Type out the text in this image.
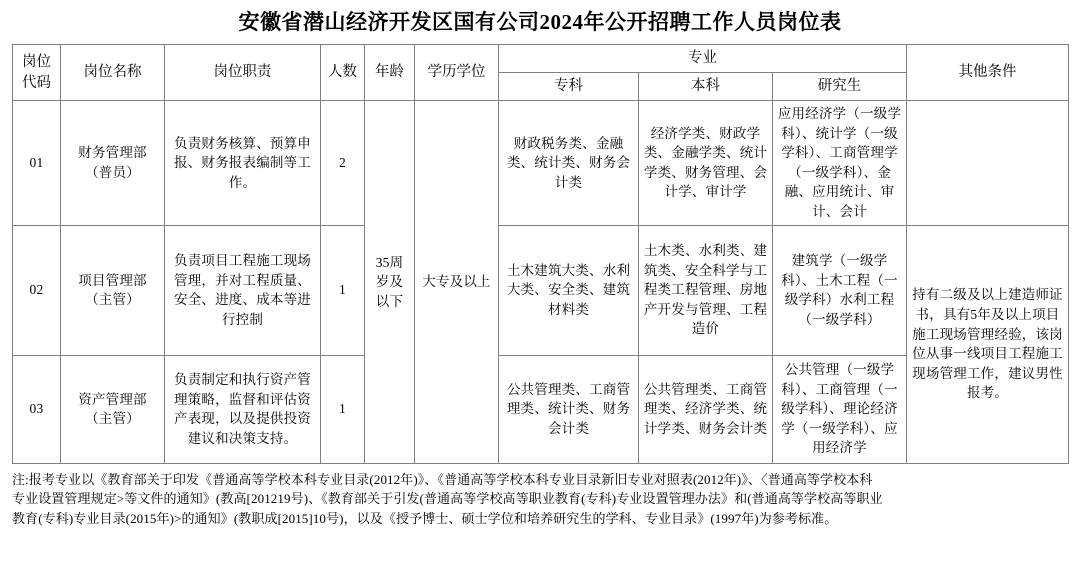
安徽省潜山经济开发区国有公司2024年公开招聘工作人员岗位表
岗位代码	岗位名称	岗位职责	人数	年龄	学历学位	专业			其他条件
						专科	本科	研究生	
01	财务管理部（普员）	负责财务核算、预算申报、财务报表编制等工作。	2	35周岁及以下	大专及以上	财政税务类、金融类、统计类、财务会计类	经济学类、财政学类、金融学类、统计学类、财务管理、会计学、审计学	应用经济学（一级学科）、统计学（一级学科）、工商管理学（一级学科）、金融、应用统计、审计、会计	
02	项目管理部（主管）	负责项目工程施工现场管理，并对工程质量、安全、进度、成本等进行控制	1			土木建筑大类、水利大类、安全类、建筑材料类	土木类、水利类、建筑类、安全科学与工程类工程管理、房地产开发与管理、工程造价	建筑学（一级学科）、土木工程（一级学科）水利工程（一级学科）	持有二级及以上建造师证书，具有5年及以上项目施工现场管理经验，该岗位从事一线项目工程施工现场管理工作，建议男性报考。
03	资产管理部（主管）	负责制定和执行资产管理策略，监督和评估资产表现，以及提供投资建议和决策支持。	1			公共管理类、工商管理类、统计类、财务会计类	公共管理类、工商管理类、经济学类、统计学类、财务会计类	公共管理（一级学科）、工商管理（一级学科）、理论经济学（一级学科）、应用经济学	
注:报考专业以《教育部关于印发《普通高等学校本科专业目录(2012年)》、《普通高等学校本科专业目录新旧专业对照表(2012年)》、〈普通高等学校本科
专业设置管理规定>等文件的通知》(教高[201219号)、《教育部关于引发(普通高等学校高等职业教育(专科)专业设置管理办法》和(普通高等学校高等职业
教育(专科)专业目录(2015年)>的通知》(教职成[2015]10号)，以及《授予博士、硕士学位和培养研究生的学科、专业目录》(1997年)为参考标准。
